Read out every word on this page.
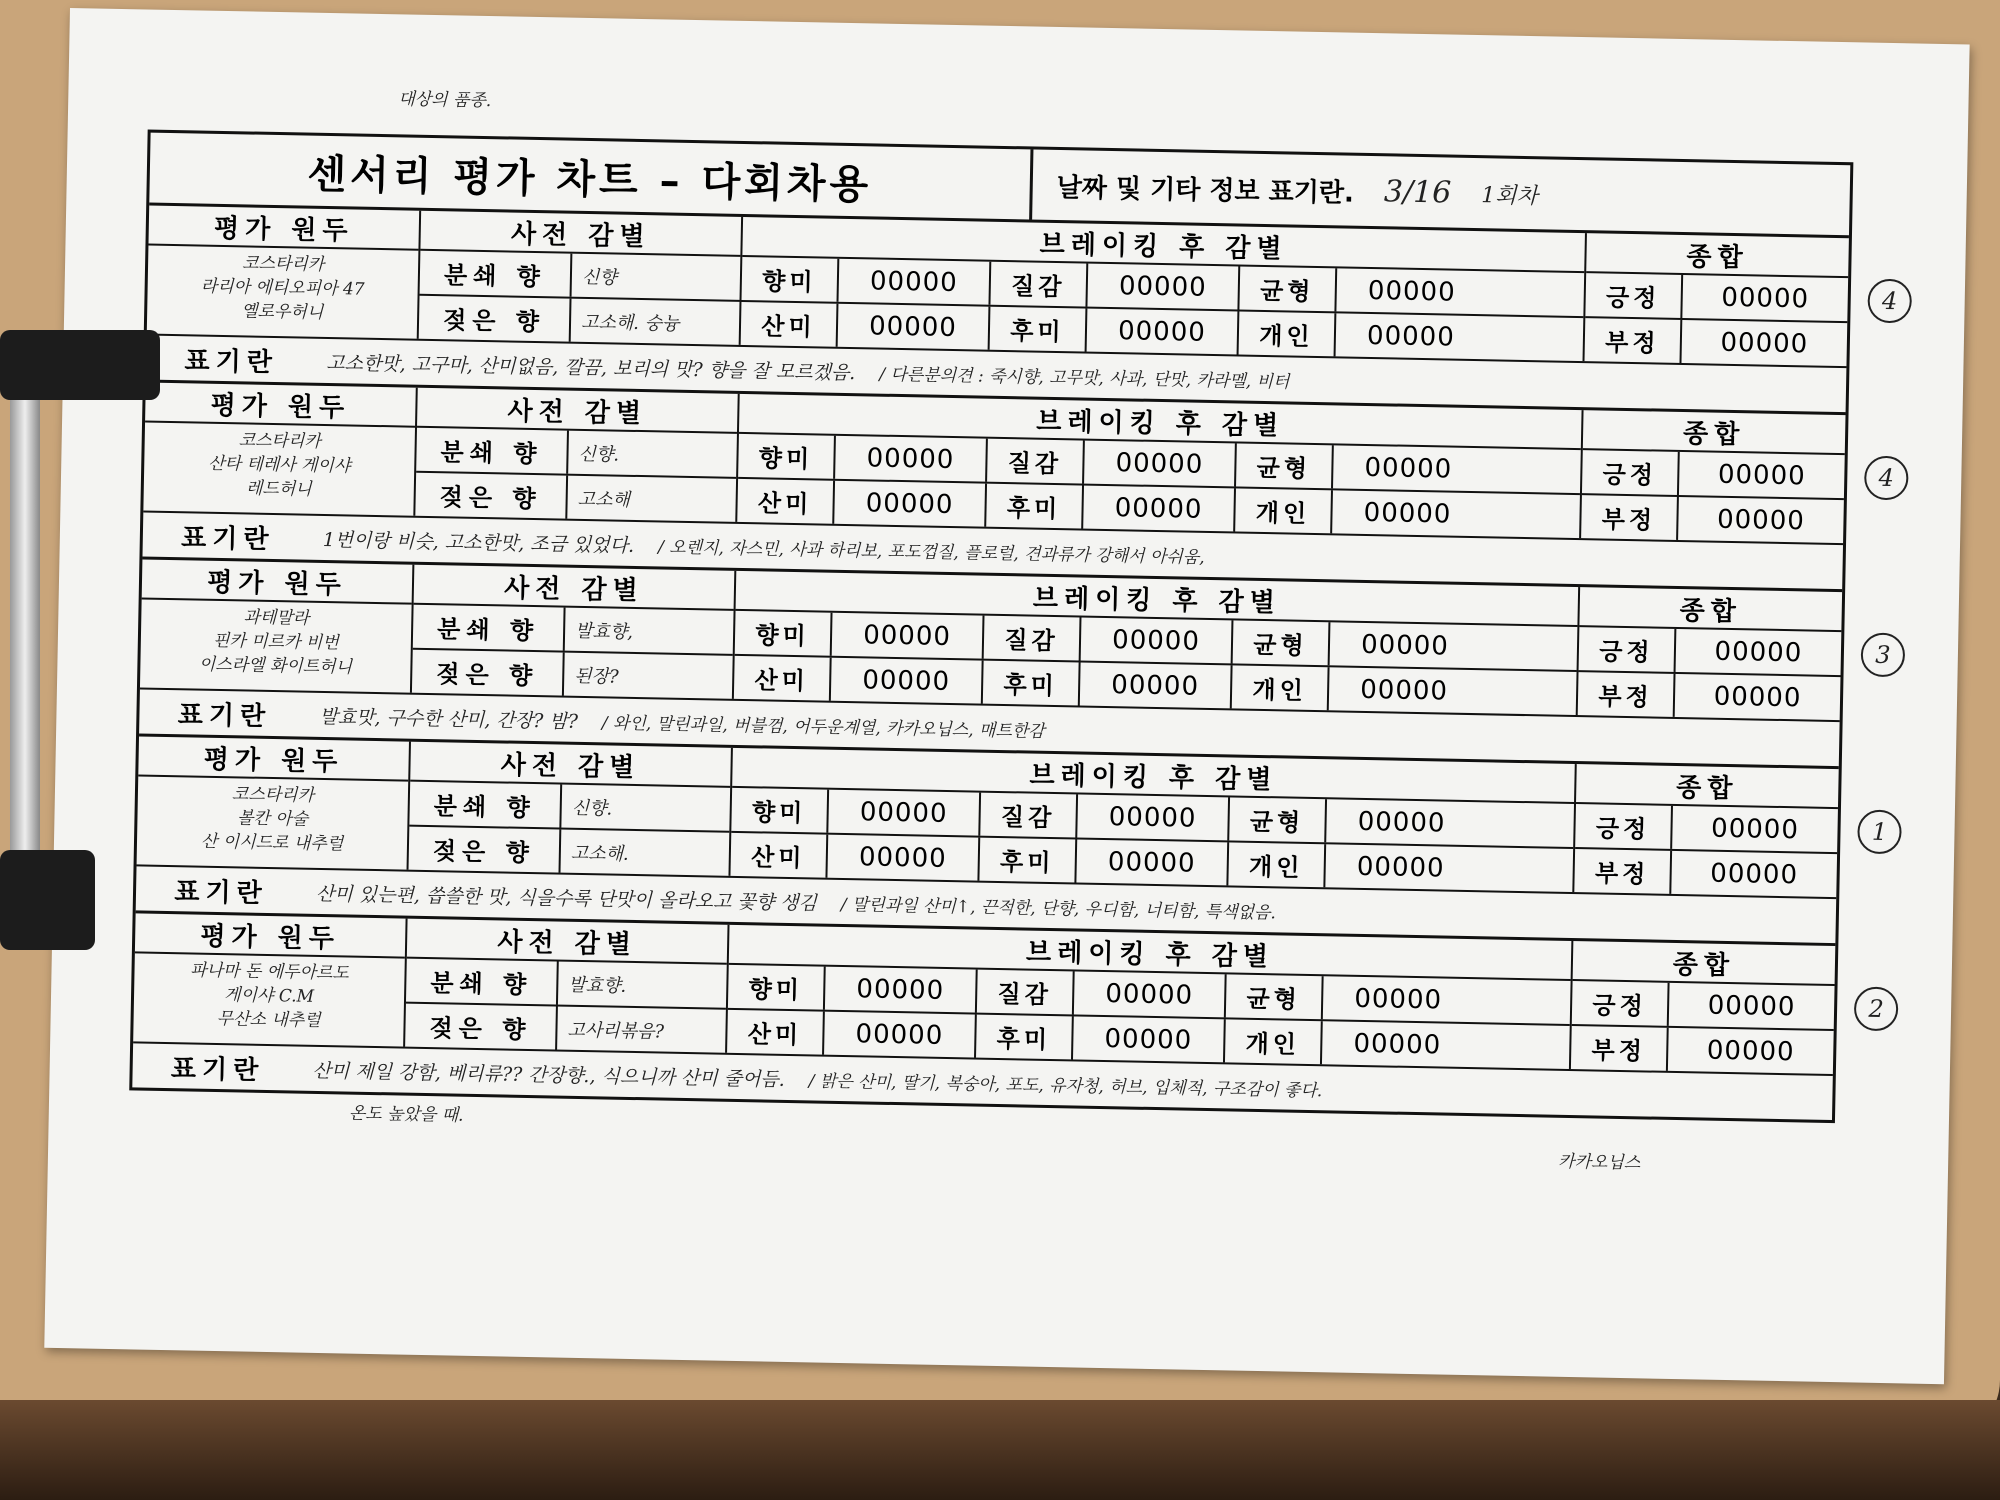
대상의 품종.
센서리 평가 차트 – 다회차용	날짜 및 기타 정보 표기란. 3/16 1회차
평가 원두
코스타리카
라리아 에티오피아 47
옐로우허니
사전 감별
분쇄 향	신향
젖은 향	고소해. 숭늉
브레이킹 후 감별
향미	00000	질감	00000	균형	00000
산미	00000	후미	00000	개인	00000
종합
긍정	00000
부정	00000
표기란	고소한맛, 고구마, 산미없음, 깔끔, 보리의 맛? 향을 잘 모르겠음. / 다른분의견 : 죽시향, 고무맛, 사과, 단맛, 카라멜, 비터
4
평가 원두
코스타리카
산타 테레사 게이샤
레드허니
사전 감별
분쇄 향	신향.
젖은 향	고소해
브레이킹 후 감별
향미	00000	질감	00000	균형	00000
산미	00000	후미	00000	개인	00000
종합
긍정	00000
부정	00000
표기란	1번이랑 비슷, 고소한맛, 조금 있었다. / 오렌지, 자스민, 사과 하리보, 포도껍질, 플로럴, 견과류가 강해서 아쉬움,
4
평가 원두
과테말라
핀카 미르카 비번
이스라엘 화이트허니
사전 감별
분쇄 향	발효향,
젖은 향	된장?
브레이킹 후 감별
향미	00000	질감	00000	균형	00000
산미	00000	후미	00000	개인	00000
종합
긍정	00000
부정	00000
표기란	발효맛, 구수한 산미, 간장? 밤? / 와인, 말린과일, 버블껌, 어두운계열, 카카오닙스, 매트한감
3
평가 원두
코스타리카
볼칸 아술
산 이시드로 내추럴
사전 감별
분쇄 향	신향.
젖은 향	고소해.
브레이킹 후 감별
향미	00000	질감	00000	균형	00000
산미	00000	후미	00000	개인	00000
종합
긍정	00000
부정	00000
표기란	산미 있는편, 씁쓸한 맛, 식을수록 단맛이 올라오고 꽃향 생김 / 말린과일 산미↑, 끈적한, 단향, 우디함, 너티함, 특색없음.
1
평가 원두
파나마 돈 에두아르도
게이샤 C.M
무산소 내추럴
사전 감별
분쇄 향	발효향.
젖은 향	고사리볶음?
브레이킹 후 감별
향미	00000	질감	00000	균형	00000
산미	00000	후미	00000	개인	00000
종합
긍정	00000
부정	00000
표기란	산미 제일 강함, 베리류?? 간장향., 식으니까 산미 줄어듬. / 밝은 산미, 딸기, 복숭아, 포도, 유자청, 허브, 입체적, 구조감이 좋다.
2
온도 높았을 때.
카카오닙스
